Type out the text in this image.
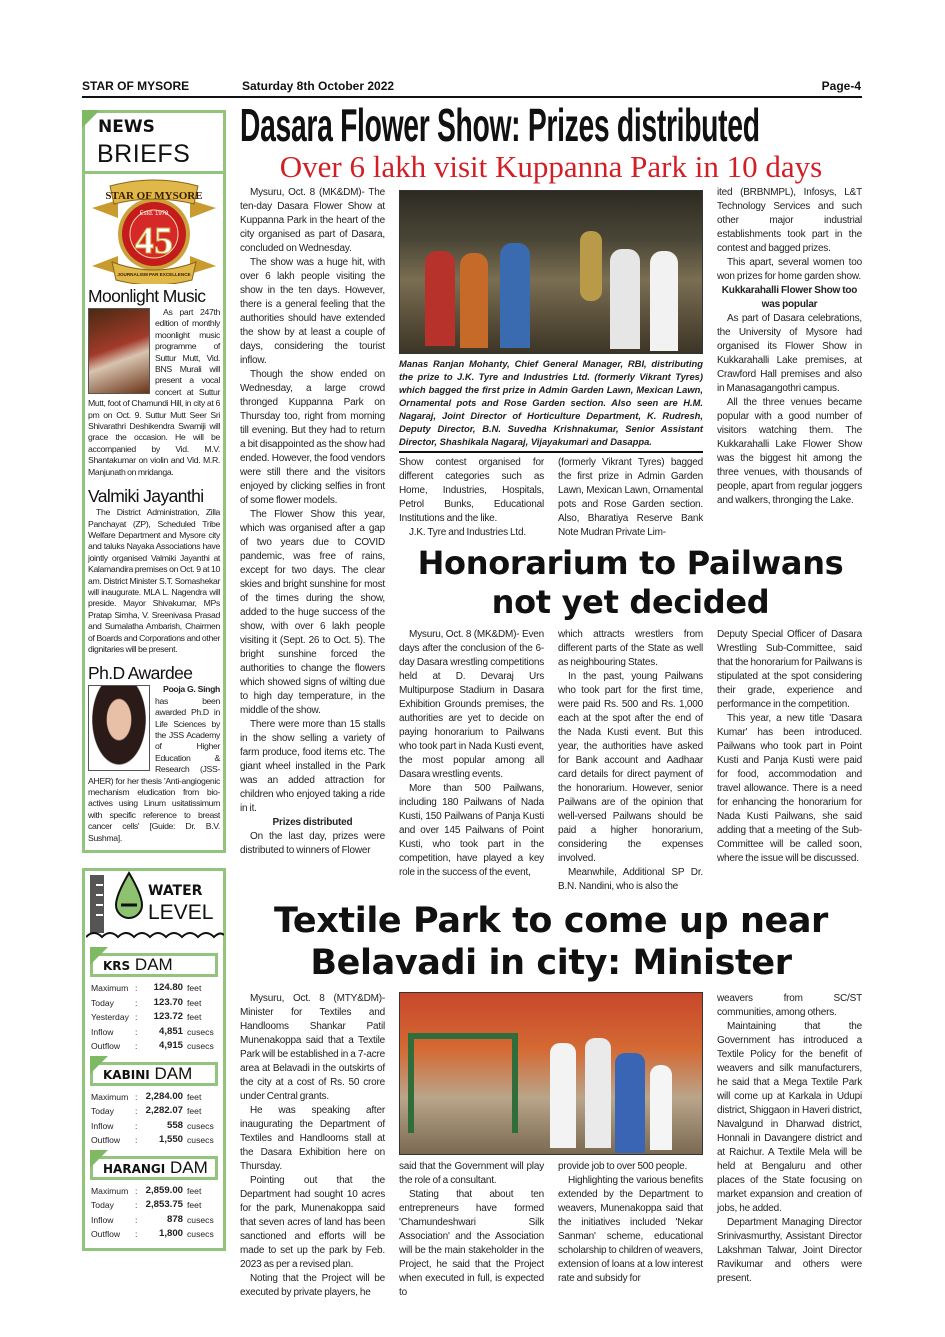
STAR OF MYSORE	Saturday 8th October 2022	Page-4
NEWS
BRIEFS
STAR OF MYSORE
Estd. 1978
45
JOURNALISM PAR EXCELLENCE
Moonlight Music

As part 247th edition of monthly moonlight music programme of Suttur Mutt, Vid. BNS Murali will present a vocal concert at Suttur Mutt, foot of Chamundi Hill, in city at 6 pm on Oct. 9. Suttur Mutt Seer Sri Shivarathri Deshikendra Swamiji will grace the occasion. He will be accompanied by Vid. M.V. Shantakumar on violin and Vid. M.R. Manjunath on mridanga.

Valmiki Jayanthi

The District Administration, Zilla Panchayat (ZP), Scheduled Tribe Welfare Department and Mysore city and taluks Nayaka Associations have jointly organised Valmiki Jayanthi at Kalamandira premises on Oct. 9 at 10 am. District Minister S.T. Somashekar will inaugurate. MLA L. Nagendra will preside. Mayor Shivakumar, MPs Pratap Simha, V. Sreenivasa Prasad and Sumalatha Ambarish, Chairmen of Boards and Corporations and other dignitaries will be present.

Ph.D Awardee

Pooja G. Singh has been awarded Ph.D in Life Sciences by the JSS Academy of Higher Education & Research (JSS-AHER) for her thesis 'Anti-angiogenic mechanism eludication from bio-actives using Linum usitatissimum with specific reference to breast cancer cells' [Guide: Dr. B.V. Sushma].

WATER
LEVEL
KRS DAM
Maximum :	124.80 feet
Today	:	123.70 feet
Yesterday :	123.72 feet
Inflow	:	4,851 cusecs
Outflow	:	4,915 cusecs
KABINI DAM
Maximum : 2,284.00 feet
Today	: 2,282.07 feet
Inflow	:	558 cusecs
Outflow	:	1,550 cusecs
HARANGI DAM
Maximum : 2,859.00 feet
Today	: 2,853.75 feet
Inflow	:	878 cusecs
Outflow	:	1,800 cusecs
Dasara Flower Show: Prizes distributed
Over 6 lakh visit Kuppanna Park in 10 days

Mysuru, Oct. 8 (MK&DM)- The ten-day Dasara Flower Show at Kuppanna Park in the heart of the city organised as part of Dasara, concluded on Wednesday.

The show was a huge hit, with over 6 lakh people visiting the show in the ten days. However, there is a general feeling that the authorities should have extended the show by at least a couple of days, considering the tourist inflow.

Though the show ended on Wednesday, a large crowd thronged Kuppanna Park on Thursday too, right from morning till evening. But they had to return a bit disappointed as the show had ended. However, the food vendors were still there and the visitors enjoyed by clicking selfies in front of some flower models.

The Flower Show this year, which was organised after a gap of two years due to COVID pandemic, was free of rains, except for two days. The clear skies and bright sunshine for most of the times during the show, added to the huge success of the show, with over 6 lakh people visiting it (Sept. 26 to Oct. 5). The bright sunshine forced the authorities to change the flowers which showed signs of wilting due to high day temperature, in the middle of the show.

There were more than 15 stalls in the show selling a variety of farm produce, food items etc. The giant wheel installed in the Park was an added attraction for children who enjoyed taking a ride in it.

Prizes distributed

On the last day, prizes were distributed to winners of Flower

Manas Ranjan Mohanty, Chief General Manager, RBI, distributing the prize to J.K. Tyre and Industries Ltd. (formerly Vikrant Tyres) which bagged the first prize in Admin Garden Lawn, Mexican Lawn, Ornamental pots and Rose Garden section. Also seen are H.M. Nagaraj, Joint Director of Horticulture Department, K. Rudresh, Deputy Director, B.N. Suvedha Krishnakumar, Senior Assistant Director, Shashikala Nagaraj, Vijayakumari and Dasappa.

Show contest organised for different categories such as Home, Industries, Hospitals, Petrol Bunks, Educational Institutions and the like.

J.K. Tyre and Industries Ltd.

(formerly Vikrant Tyres) bagged the first prize in Admin Garden Lawn, Mexican Lawn, Ornamental pots and Rose Garden section. Also, Bharatiya Reserve Bank Note Mudran Private Lim-

ited (BRBNMPL), Infosys, L&T Technology Services and such other major industrial establishments took part in the contest and bagged prizes.

This apart, several women too won prizes for home garden show.

Kukkarahalli Flower Show too was popular

As part of Dasara celebrations, the University of Mysore had organised its Flower Show in Kukkarahalli Lake premises, at Crawford Hall premises and also in Manasagangothri campus.

All the three venues became popular with a good number of visitors watching them. The Kukkarahalli Lake Flower Show was the biggest hit among the three venues, with thousands of people, apart from regular joggers and walkers, thronging the Lake.

Honorarium to Pailwans
not yet decided

Mysuru, Oct. 8 (MK&DM)- Even days after the conclusion of the 6-day Dasara wrestling competitions held at D. Devaraj Urs Multipurpose Stadium in Dasara Exhibition Grounds premises, the authorities are yet to decide on paying honorarium to Pailwans who took part in Nada Kusti event, the most popular among all Dasara wrestling events.

More than 500 Pailwans, including 180 Pailwans of Nada Kusti, 150 Pailwans of Panja Kusti and over 145 Pailwans of Point Kusti, who took part in the competition, have played a key role in the success of the event,

which attracts wrestlers from different parts of the State as well as neighbouring States.

In the past, young Pailwans who took part for the first time, were paid Rs. 500 and Rs. 1,000 each at the spot after the end of the Nada Kusti event. But this year, the authorities have asked for Bank account and Aadhaar card details for direct payment of the honorarium. However, senior Pailwans are of the opinion that well-versed Pailwans should be paid a higher honorarium, considering the expenses involved.

Meanwhile, Additional SP Dr. B.N. Nandini, who is also the

Deputy Special Officer of Dasara Wrestling Sub-Committee, said that the honorarium for Pailwans is stipulated at the spot considering their grade, experience and performance in the competition.

This year, a new title 'Dasara Kumar' has been introduced. Pailwans who took part in Point Kusti and Panja Kusti were paid for food, accommodation and travel allowance. There is a need for enhancing the honorarium for Nada Kusti Pailwans, she said adding that a meeting of the Sub-Committee will be called soon, where the issue will be discussed.

Textile Park to come up near
Belavadi in city: Minister

Mysuru, Oct. 8 (MTY&DM)- Minister for Textiles and Handlooms Shankar Patil Munenakoppa said that a Textile Park will be established in a 7-acre area at Belavadi in the outskirts of the city at a cost of Rs. 50 crore under Central grants.

He was speaking after inaugurating the Department of Textiles and Handlooms stall at the Dasara Exhibition here on Thursday.

Pointing out that the Department had sought 10 acres for the park, Munenakoppa said that seven acres of land has been sanctioned and efforts will be made to set up the park by Feb. 2023 as per a revised plan.

Noting that the Project will be executed by private players, he

said that the Government will play the role of a consultant.

Stating that about ten entrepreneurs have formed 'Chamundeshwari Silk Association' and the Association will be the main stakeholder in the Project, he said that the Project when executed in full, is expected to

provide job to over 500 people.

Highlighting the various benefits extended by the Department to weavers, Munenakoppa said that the initiatives included 'Nekar Sanman' scheme, educational scholarship to children of weavers, extension of loans at a low interest rate and subsidy for

weavers from SC/ST communities, among others.

Maintaining that the Government has introduced a Textile Policy for the benefit of weavers and silk manufacturers, he said that a Mega Textile Park will come up at Karkala in Udupi district, Shiggaon in Haveri district, Navalgund in Dharwad district, Honnali in Davangere district and at Raichur. A Textile Mela will be held at Bengaluru and other places of the State focusing on market expansion and creation of jobs, he added.

Department Managing Director Srinivasmurthy, Assistant Director Lakshman Talwar, Joint Director Ravikumar and others were present.
